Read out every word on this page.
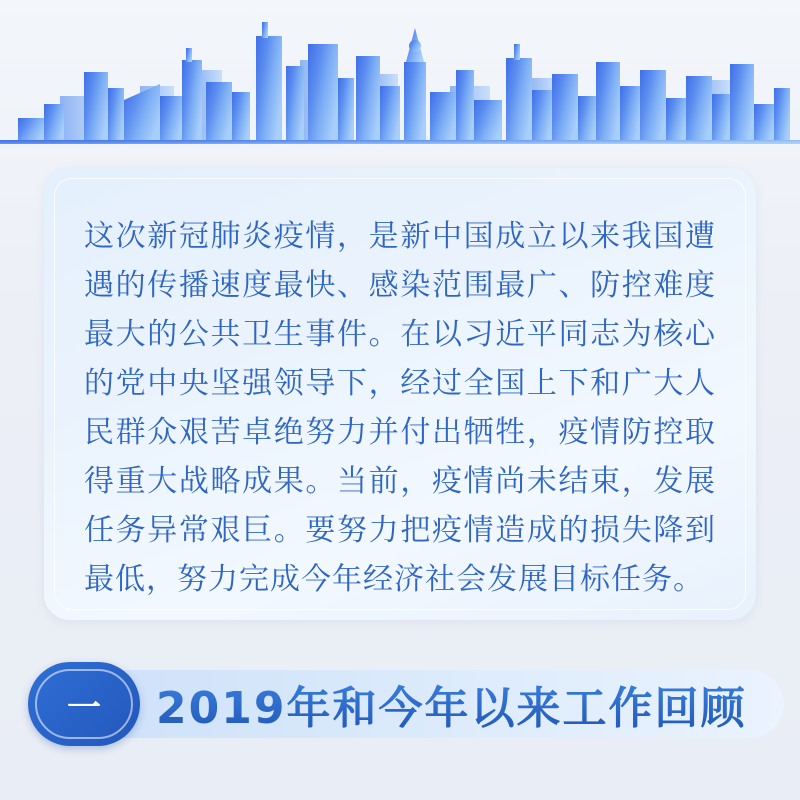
这次新冠肺炎疫情，是新中国成立以来我国遭遇的传播速度最快、感染范围最广、防控难度最大的公共卫生事件。在以习近平同志为核心的党中央坚强领导下，经过全国上下和广大人民群众艰苦卓绝努力并付出牺牲，疫情防控取得重大战略成果。当前，疫情尚未结束，发展任务异常艰巨。要努力把疫情造成的损失降到最低，努力完成今年经济社会发展目标任务。
一	2019年和今年以来工作回顾
